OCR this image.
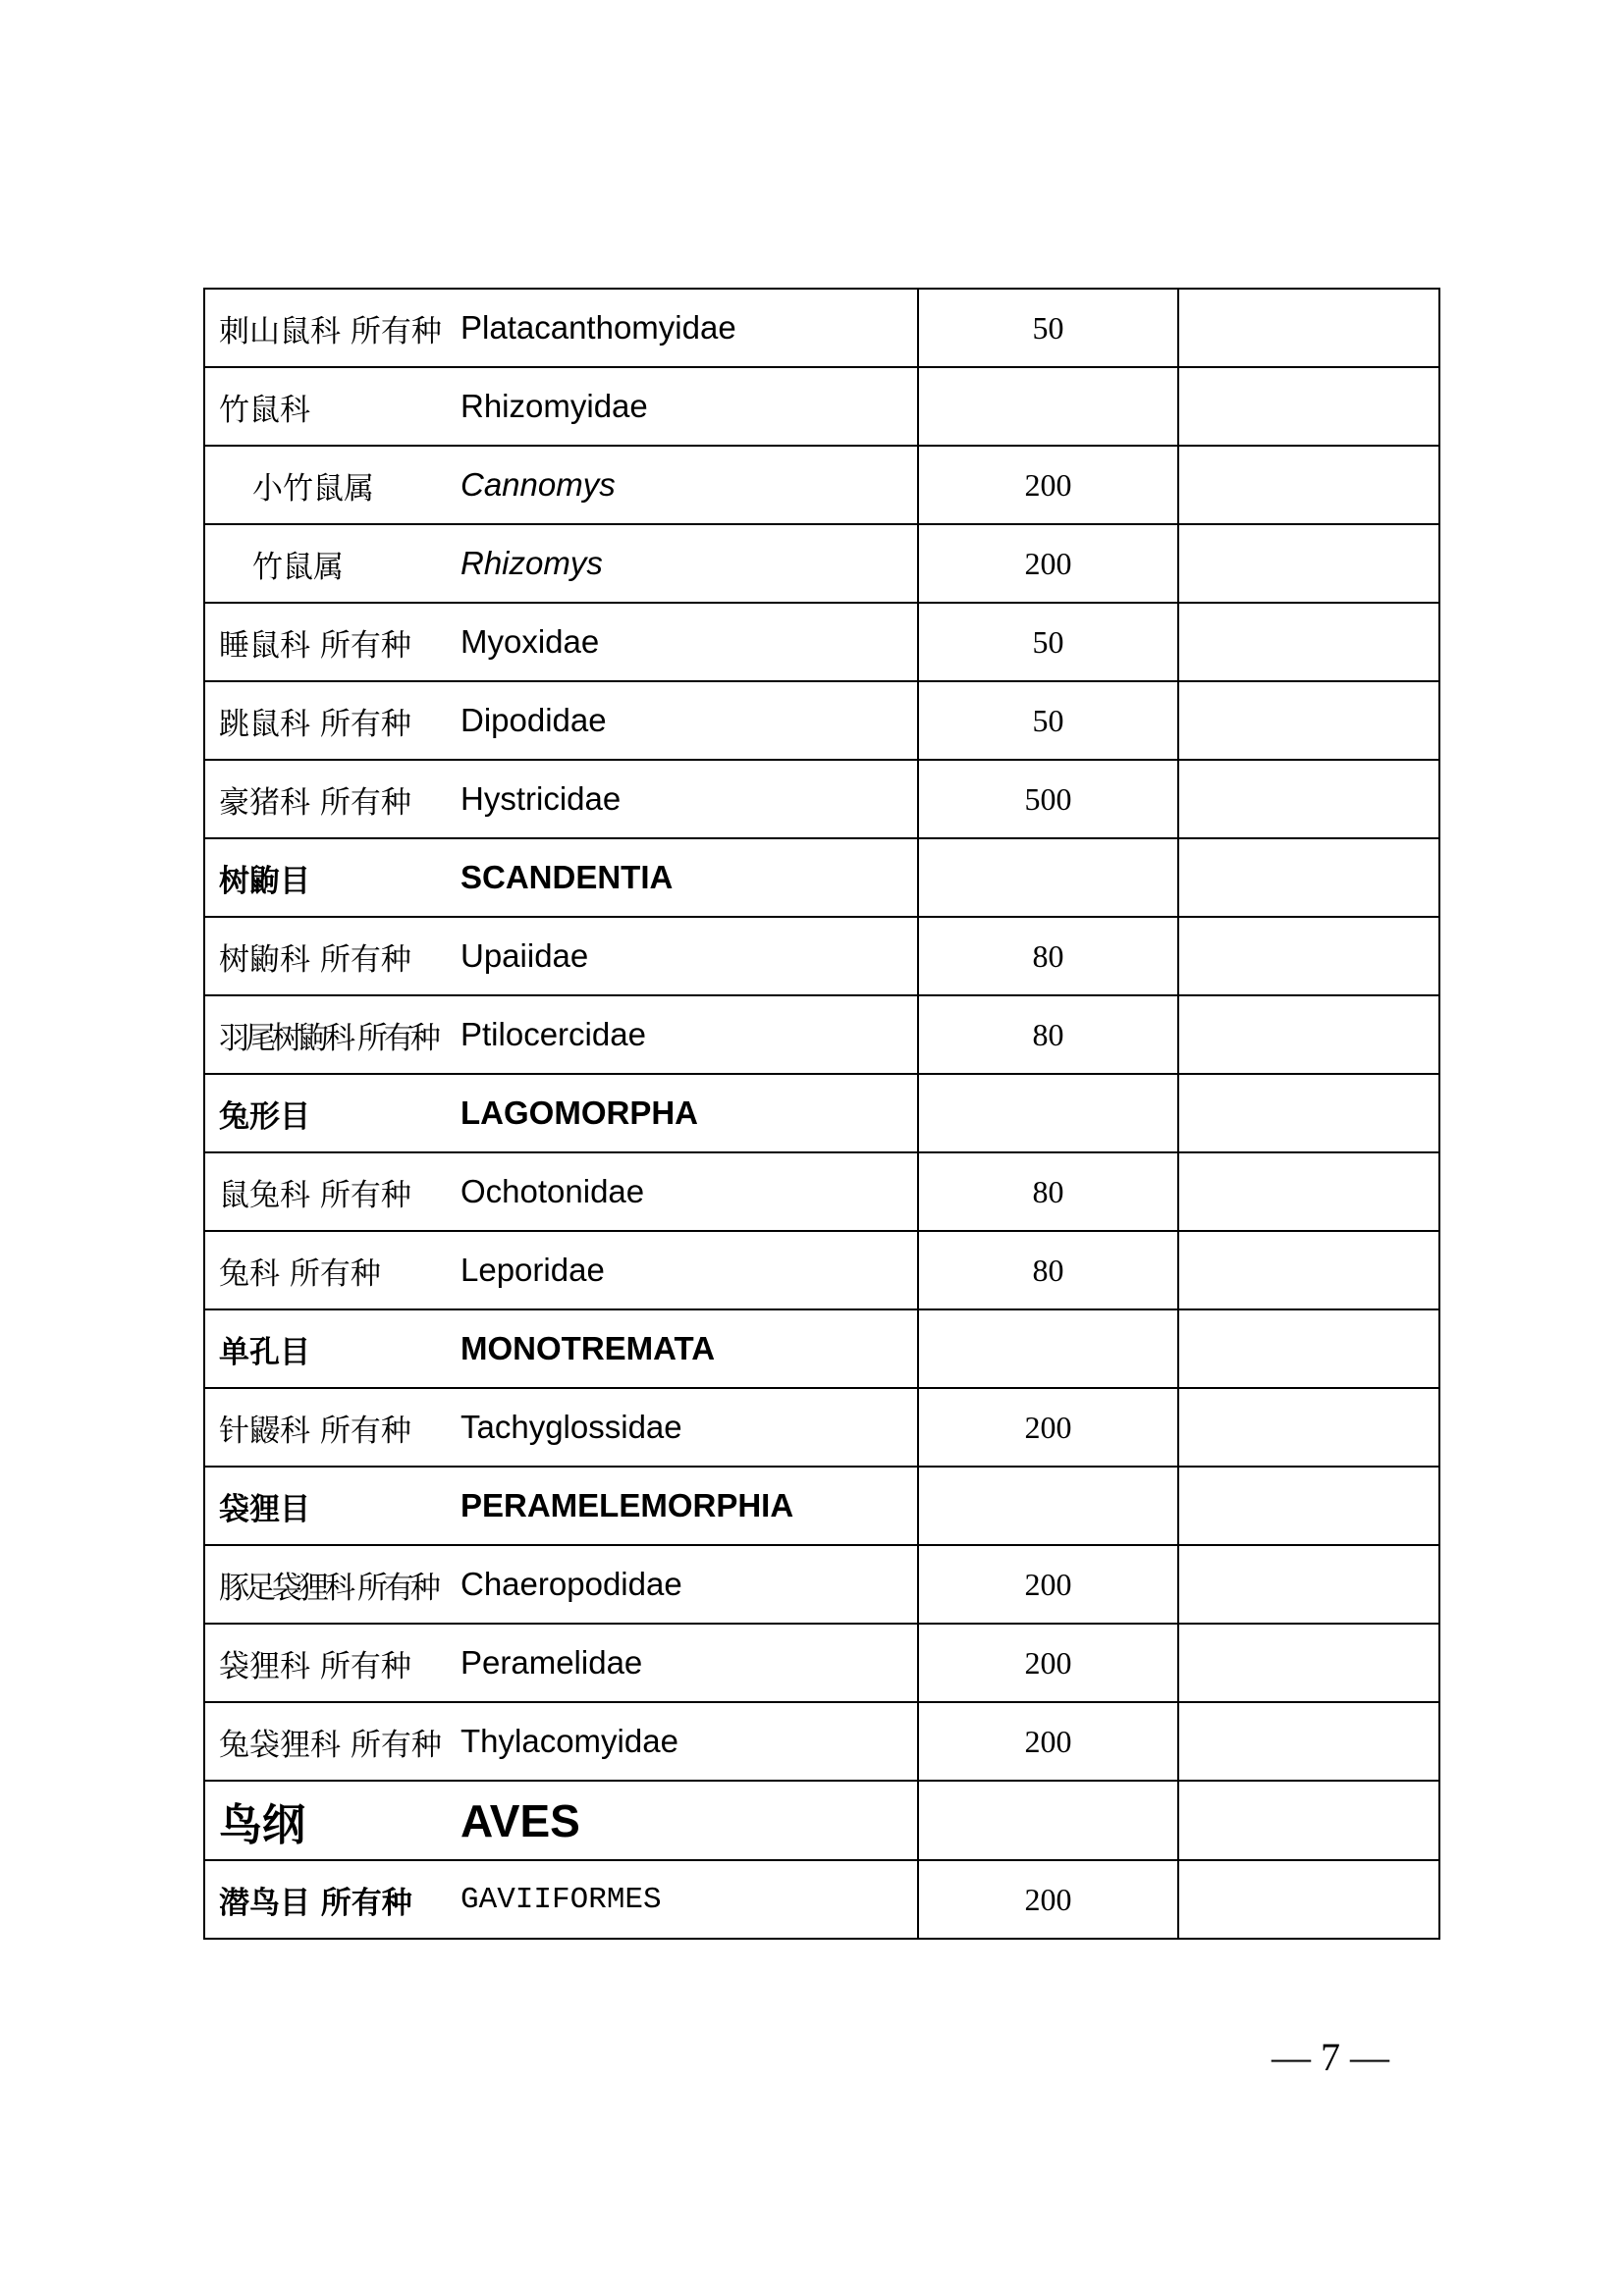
刺山鼠科 所有种 Platacanthomyidae	50	

竹鼠科 Rhizomyidae		

小竹鼠属 Cannomys	200	

竹鼠属 Rhizomys	200	

睡鼠科 所有种 Myoxidae	50	

跳鼠科 所有种 Dipodidae	50	

豪猪科 所有种 Hystricidae	500	

树鼩目 SCANDENTIA		

树鼩科 所有种 Upaiidae	80	

羽尾树鼩科 所有种 Ptilocercidae	80	

兔形目 LAGOMORPHA		

鼠兔科 所有种 Ochotonidae	80	

兔科 所有种 Leporidae	80	

单孔目 MONOTREMATA		

针鼹科 所有种 Tachyglossidae	200	

袋狸目 PERAMELEMORPHIA		

豚足袋狸科 所有种 Chaeropodidae	200	

袋狸科 所有种 Peramelidae	200	

兔袋狸科 所有种 Thylacomyidae	200	

鸟纲 AVES		

潜鸟目 所有种 GAVIIFORMES	200	
— 7 —
